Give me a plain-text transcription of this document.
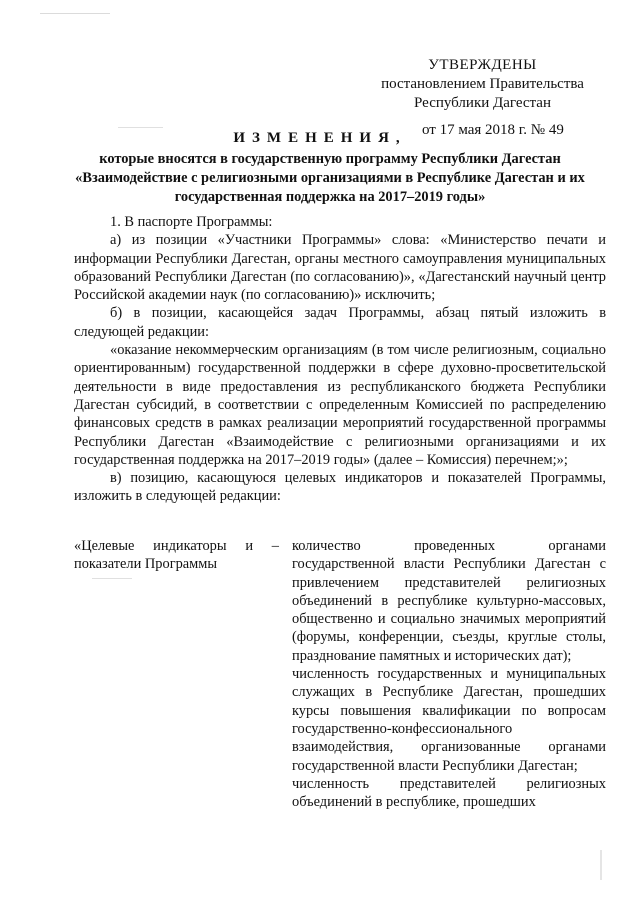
УТВЕРЖДЕНЫ
постановлением Правительства
Республики Дагестан
от 17 мая 2018 г. № 49
ИЗМЕНЕНИЯ,
которые вносятся в государственную программу Республики Дагестан «Взаимодействие с религиозными организациями в Республике Дагестан и их государственная поддержка на 2017–2019 годы»

1. В паспорте Программы:

а) из позиции «Участники Программы» слова: «Министерство печати и информации Республики Дагестан, органы местного самоуправления муниципальных образований Республики Дагестан (по согласованию)», «Дагестанский научный центр Российской академии наук (по согласованию)» исключить;

б) в позиции, касающейся задач Программы, абзац пятый изложить в следующей редакции:

«оказание некоммерческим организациям (в том числе религиозным, социально ориентированным) государственной поддержки в сфере духовно-просветительской деятельности в виде предоставления из республиканского бюджета Республики Дагестан субсидий, в соответствии с определенным Комиссией по распределению финансовых средств в рамках реализации мероприятий государственной программы Республики Дагестан «Взаимодействие с религиозными организациями и их государственная поддержка на 2017–2019 годы» (далее – Комиссия) перечнем;»;

в) позицию, касающуюся целевых индикаторов и показателей Программы, изложить в следующей редакции:

«Целевые индикаторы и –
показатели Программы

количество проведенных органами государственной власти Республики Дагестан с привлечением представителей религиозных объединений в республике культурно-массовых, общественно и социально значимых мероприятий (форумы, конференции, съезды, круглые столы, празднование памятных и исторических дат);

численность государственных и муниципальных служащих в Республике Дагестан, прошедших курсы повышения квалификации по вопросам государственно-конфессионального взаимодействия, организованные органами государственной власти Республики Дагестан;

численность представителей религиозных объединений в республике, прошедших
